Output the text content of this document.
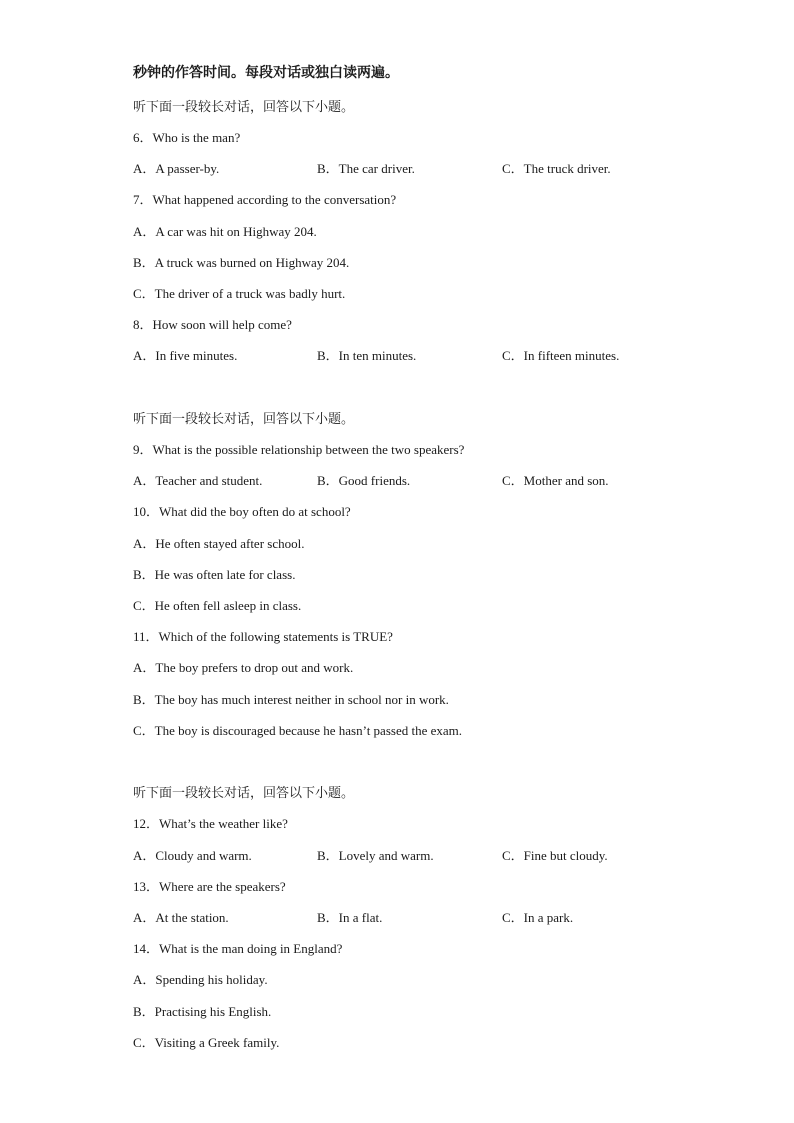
秒钟的作答时间。每段对话或独白读两遍。
听下面一段较长对话，回答以下小题。
6．Who is the man?
A．A passer-by.	B．The car driver.	C．The truck driver.
7．What happened according to the conversation?
A．A car was hit on Highway 204.
B．A truck was burned on Highway 204.
C．The driver of a truck was badly hurt.
8．How soon will help come?
A．In five minutes.	B．In ten minutes.	C．In fifteen minutes.
听下面一段较长对话，回答以下小题。
9．What is the possible relationship between the two speakers?
A．Teacher and student.	B．Good friends.	C．Mother and son.
10．What did the boy often do at school?
A．He often stayed after school.
B．He was often late for class.
C．He often fell asleep in class.
11．Which of the following statements is TRUE?
A．The boy prefers to drop out and work.
B．The boy has much interest neither in school nor in work.
C．The boy is discouraged because he hasn’t passed the exam.
听下面一段较长对话，回答以下小题。
12．What’s the weather like?
A．Cloudy and warm.	B．Lovely and warm.	C．Fine but cloudy.
13．Where are the speakers?
A．At the station.	B．In a flat.	C．In a park.
14．What is the man doing in England?
A．Spending his holiday.
B．Practising his English.
C．Visiting a Greek family.
